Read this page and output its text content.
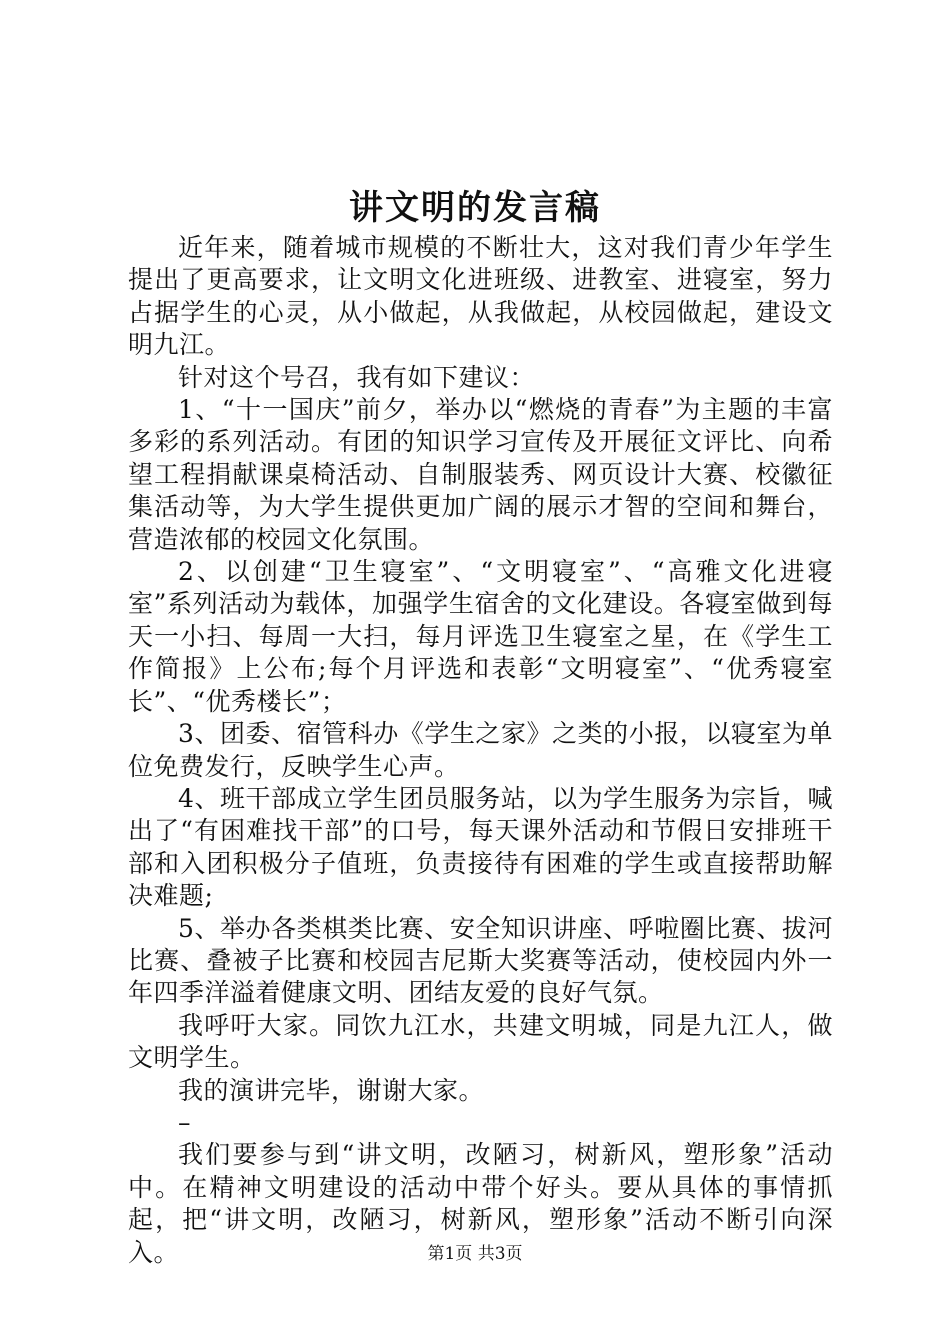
讲文明的发言稿

近年来，随着城市规模的不断壮大，这对我们青少年学生提出了更高要求，让文明文化进班级、进教室、进寝室，努力占据学生的心灵，从小做起，从我做起，从校园做起，建设文明九江。

针对这个号召，我有如下建议：

1、“十一国庆”前夕，举办以“燃烧的青春”为主题的丰富多彩的系列活动。有团的知识学习宣传及开展征文评比、向希望工程捐献课桌椅活动、自制服装秀、网页设计大赛、校徽征集活动等，为大学生提供更加广阔的展示才智的空间和舞台，营造浓郁的校园文化氛围。

2、以创建“卫生寝室”、“文明寝室”、“高雅文化进寝室”系列活动为载体，加强学生宿舍的文化建设。各寝室做到每天一小扫、每周一大扫，每月评选卫生寝室之星，在《学生工作简报》上公布;每个月评选和表彰“文明寝室”、“优秀寝室长”、“优秀楼长”；

3、团委、宿管科办《学生之家》之类的小报，以寝室为单位免费发行，反映学生心声。

4、班干部成立学生团员服务站，以为学生服务为宗旨，喊出了“有困难找干部”的口号，每天课外活动和节假日安排班干部和入团积极分子值班，负责接待有困难的学生或直接帮助解决难题;

5、举办各类棋类比赛、安全知识讲座、呼啦圈比赛、拔河比赛、叠被子比赛和校园吉尼斯大奖赛等活动，使校园内外一年四季洋溢着健康文明、团结友爱的良好气氛。

我呼吁大家。同饮九江水，共建文明城，同是九江人，做文明学生。

我的演讲完毕，谢谢大家。

–

我们要参与到“讲文明，改陋习，树新风，塑形象”活动中。在精神文明建设的活动中带个好头。要从具体的事情抓起，把“讲文明，改陋习，树新风，塑形象”活动不断引向深入。	第1页 共3页
